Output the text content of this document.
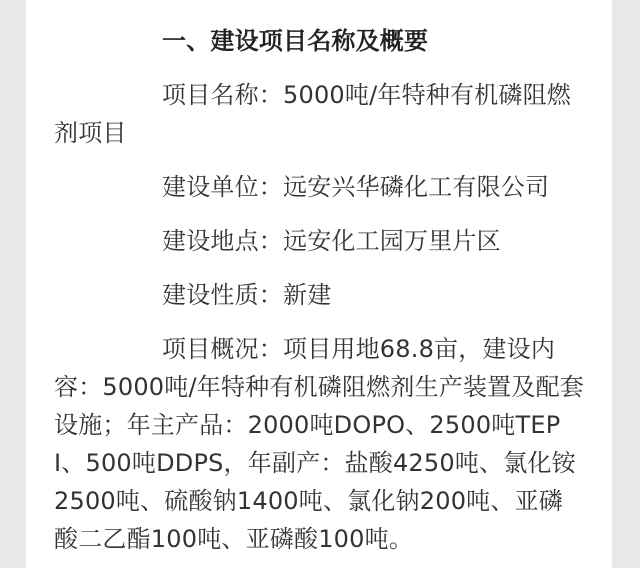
一、建设项目名称及概要

项目名称：5000吨/年特种有机磷阻燃剂项目

建设单位：远安兴华磷化工有限公司

建设地点：远安化工园万里片区

建设性质：新建

项目概况：项目用地68.8亩，建设内容：5000吨/年特种有机磷阻燃剂生产装置及配套设施；年主产品：2000吨DOPO、2500吨TEPI、500吨DDPS，年副产：盐酸4250吨、氯化铵2500吨、硫酸钠1400吨、氯化钠200吨、亚磷酸二乙酯100吨、亚磷酸100吨。
